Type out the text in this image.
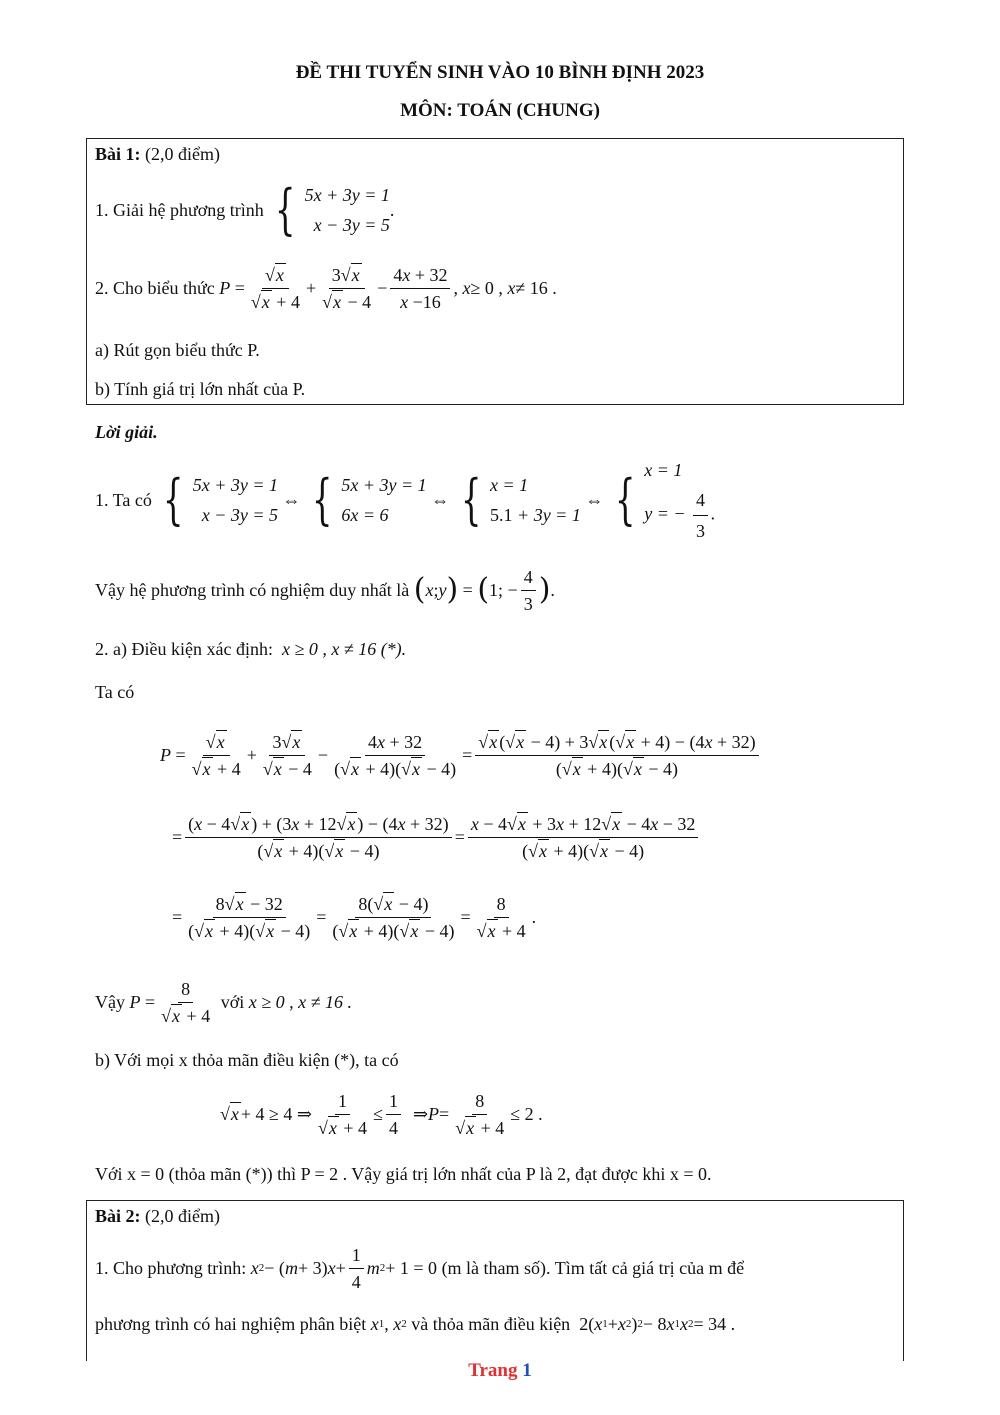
ĐỀ THI TUYỂN SINH VÀO 10 BÌNH ĐỊNH 2023
MÔN: TOÁN (CHUNG)
Bài 1: (2,0 điểm)
1. Giải hệ phương trình
{ 5x + 3y = 1
x − 3y = 5
.
2. Cho biểu thức
P =
√x
√x + 4
+
3√x
√x − 4
−
4x + 32
x −16
, x ≥ 0 , x ≠ 16 .
a) Rút gọn biểu thức P.
b) Tính giá trị lớn nhất của P.
Lời giải.
1. Ta có
{ 5x + 3y = 1
x − 3y = 5
⇔ { 5x + 3y = 1
6x = 6
⇔ { x = 1
5.1 + 3y = 1
⇔ { x = 1
y = − $\frac{4}{3}$ .
Vậy hệ phương trình có nghiệm duy nhất là
( x ; y ) = ( 1; −
4
3 ) .
2. a) Điều kiện xác định: x ≥ 0 , x ≠ 16 (*).
Ta có
P =
√x
√x + 4
+
3√x
√x − 4
−
4x + 32
(√x + 4)(√x − 4)
=
√x (√x − 4) + 3√x (√x + 4) − (4x + 32)
(√x + 4)(√x − 4)
=
(x − 4√x ) + (3x + 12√x ) − (4x + 32)
(√x + 4)(√x − 4)
=
x − 4√x + 3x + 12√x − 4x − 32
(√x + 4)(√x − 4)
=
8√x − 32
(√x + 4)(√x − 4)
=
8(√x − 4)
(√x + 4)(√x − 4)
=
8
√x + 4
.
Vậy
P =
8
√x + 4

với
x ≥ 0 , x ≠ 16 .
b) Với mọi x thỏa mãn điều kiện (*), ta có
√x + 4 ≥ 4 ⇒
1
√x + 4
≤
1
4
⇒ P =
8
√x + 4
≤ 2 .
Với x = 0 (thỏa mãn (*)) thì P = 2 . Vậy giá trị lớn nhất của P là 2, đạt được khi x = 0.
Bài 2: (2,0 điểm)
1. Cho phương trình:
x 2 − ( m + 3) x +
1
4
m 2 + 1 = 0 (m là tham số). Tìm tất cả giá trị của m để
phương trình có hai nghiệm phân biệt
x 1 , x 2
và thỏa mãn điều kiện 2( x 1 + x 2 ) 2 − 8 x 1 x 2 = 34 .
Trang 1
